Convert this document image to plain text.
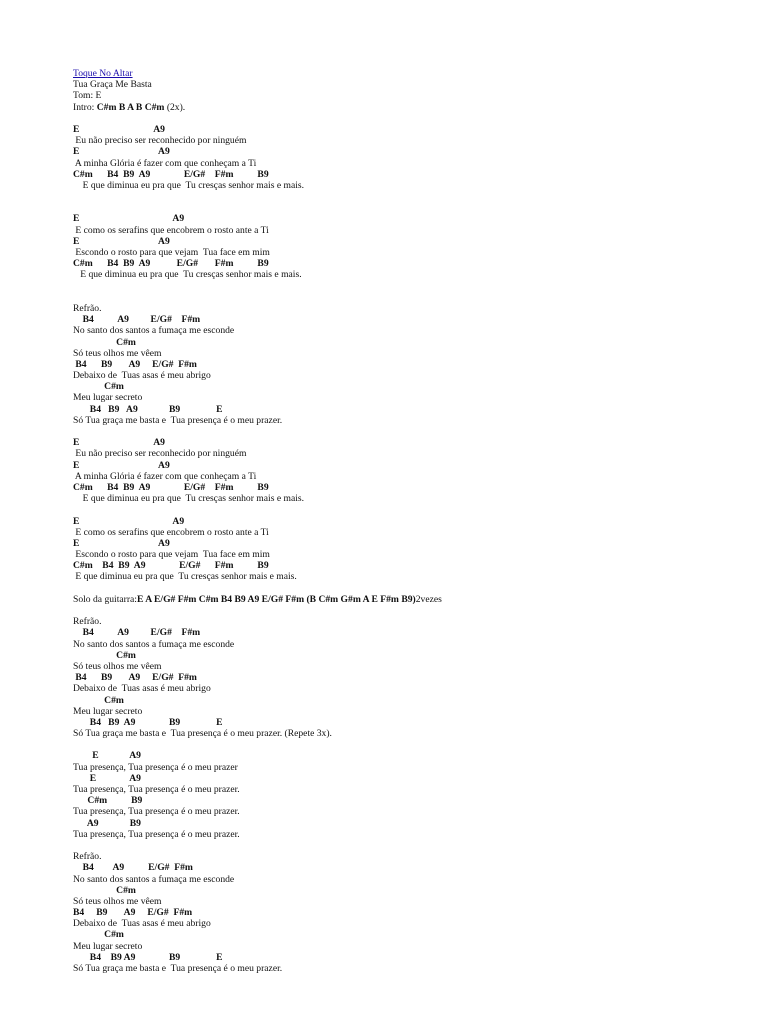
Toque No Altar
Tua Graça Me Basta
Tom: E
Intro: C#m B A B C#m (2x).
E                               A9
Eu não preciso ser reconhecido por ninguém
E                                 A9
A minha Glória é fazer com que conheçam a Ti
C#m      B4  B9  A9              E/G#    F#m          B9
E que diminua eu pra que  Tu cresças senhor mais e mais.
E                                       A9
E como os serafins que encobrem o rosto ante a Ti
E                                 A9
Escondo o rosto para que vejam  Tua face em mim
C#m      B4  B9  A9           E/G#       F#m          B9
E que diminua eu pra que  Tu cresças senhor mais e mais.
Refrão.
B4          A9         E/G#    F#m
No santo dos santos a fumaça me esconde
C#m
Só teus olhos me vêem
B4      B9       A9     E/G#  F#m
Debaixo de  Tuas asas é meu abrigo
C#m
Meu lugar secreto
B4   B9   A9             B9               E
Só Tua graça me basta e  Tua presença é o meu prazer.
E                               A9
Eu não preciso ser reconhecido por ninguém
E                                 A9
A minha Glória é fazer com que conheçam a Ti
C#m      B4  B9  A9              E/G#    F#m          B9
E que diminua eu pra que  Tu cresças senhor mais e mais.
E                                       A9
E como os serafins que encobrem o rosto ante a Ti
E                                 A9
Escondo o rosto para que vejam  Tua face em mim
C#m    B4  B9  A9              E/G#      F#m          B9
E que diminua eu pra que  Tu cresças senhor mais e mais.
Solo da guitarra:E A E/G# F#m C#m B4 B9 A9 E/G# F#m (B C#m G#m A E F#m B9)2vezes
Refrão.
B4          A9         E/G#    F#m
No santo dos santos a fumaça me esconde
C#m
Só teus olhos me vêem
B4      B9       A9     E/G#  F#m
Debaixo de  Tuas asas é meu abrigo
C#m
Meu lugar secreto
B4   B9  A9              B9               E
Só Tua graça me basta e  Tua presença é o meu prazer. (Repete 3x).
E             A9
Tua presença, Tua presença é o meu prazer
E              A9
Tua presença, Tua presença é o meu prazer.
C#m          B9
Tua presença, Tua presença é o meu prazer.
A9             B9
Tua presença, Tua presença é o meu prazer.
Refrão.
B4        A9          E/G#  F#m
No santo dos santos a fumaça me esconde
C#m
Só teus olhos me vêem
B4     B9       A9     E/G#  F#m
Debaixo de  Tuas asas é meu abrigo
C#m
Meu lugar secreto
B4    B9 A9              B9               E
Só Tua graça me basta e  Tua presença é o meu prazer.
